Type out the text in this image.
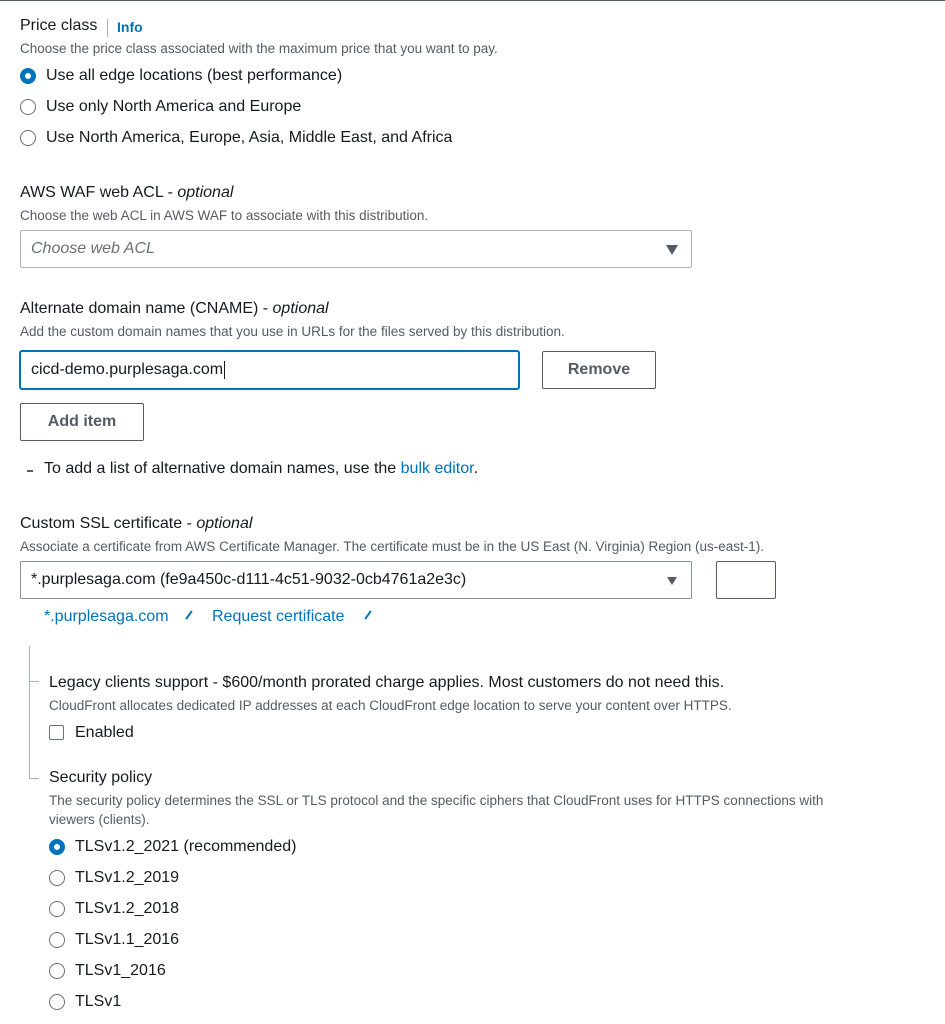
Price class Info
Choose the price class associated with the maximum price that you want to pay.
Use all edge locations (best performance)
Use only North America and Europe
Use North America, Europe, Asia, Middle East, and Africa
AWS WAF web ACL - optional
Choose the web ACL in AWS WAF to associate with this distribution.
Choose web ACL
Alternate domain name (CNAME) - optional
Add the custom domain names that you use in URLs for the files served by this distribution.
cicd-demo.purplesaga.com	Remove
Add item
To add a list of alternative domain names, use the bulk editor.
Custom SSL certificate - optional
Associate a certificate from AWS Certificate Manager. The certificate must be in the US East (N. Virginia) Region (us-east-1).
*.purplesaga.com (fe9a450c-d111-4c51-9032-0cb4761a2e3c)
*.purplesaga.com	Request certificate
Legacy clients support - $600/month prorated charge applies. Most customers do not need this.
CloudFront allocates dedicated IP addresses at each CloudFront edge location to serve your content over HTTPS.
Enabled
Security policy
The security policy determines the SSL or TLS protocol and the specific ciphers that CloudFront uses for HTTPS connections with
viewers (clients).
TLSv1.2_2021 (recommended)
TLSv1.2_2019
TLSv1.2_2018
TLSv1.1_2016
TLSv1_2016
TLSv1
